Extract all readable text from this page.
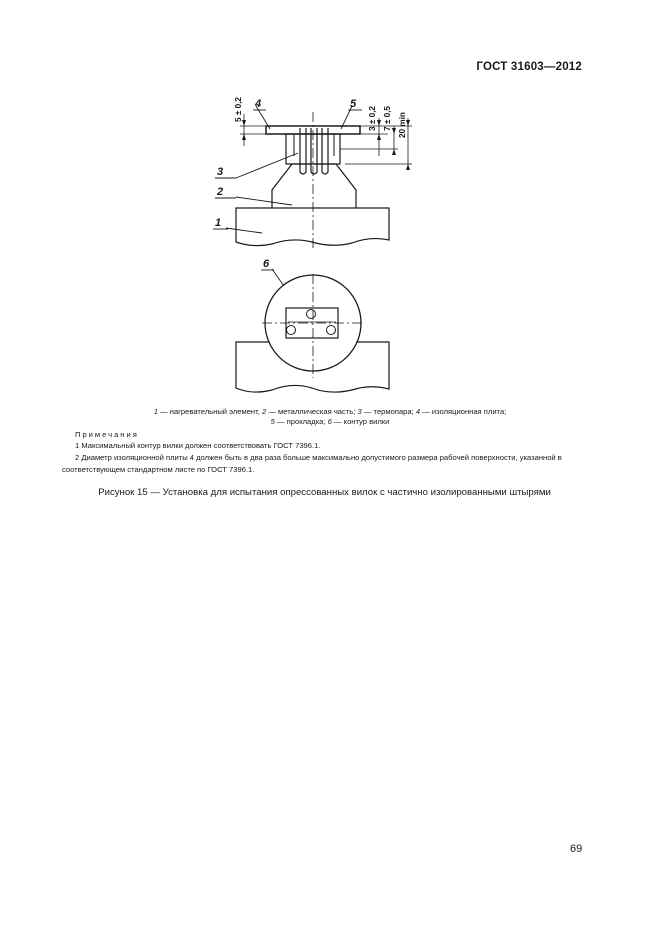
ГОСТ 31603—2012
5 ± 0,2	3 ± 0,2 7 ± 0,5 20 min
4	5
3
2
1
6
1 — нагревательный элемент, 2 — металлическая часть; 3 — термопара; 4 — изоляционная плита;
5 — прокладка; 6 — контур вилки
Примечания
1 Максимальный контур вилки должен соответствовать ГОСТ 7396.1.
2 Диаметр изоляционной плиты 4 должен быть в два раза больше максимально допустимого размера рабочей поверхности, указанной в соответствующем стандартном листе по ГОСТ 7396.1.
Рисунок 15 — Установка для испытания опрессованных вилок с частично изолированными штырями
69
